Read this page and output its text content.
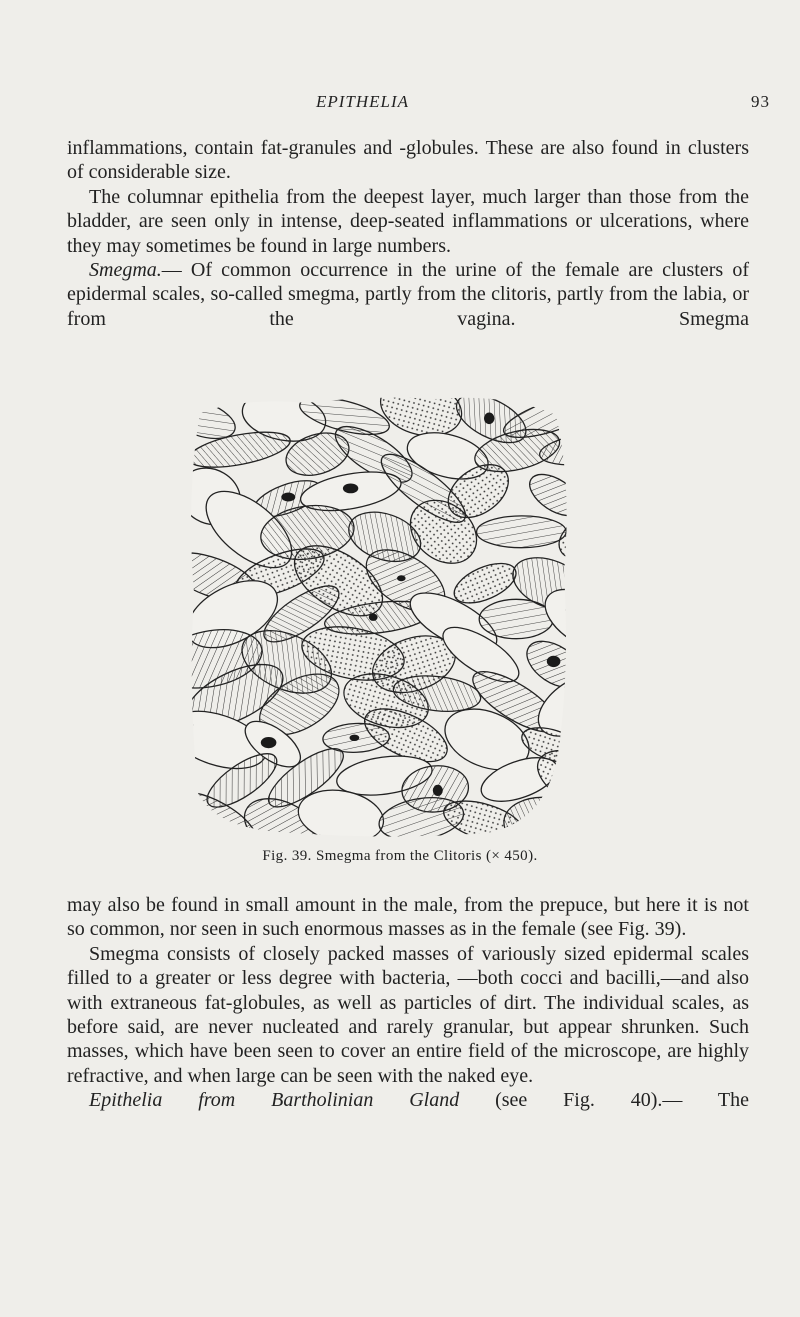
EPITHELIA	93

inflammations, contain fat-granules and -globules. These are also found in clusters of considerable size.

The columnar epithelia from the deepest layer, much larger than those from the bladder, are seen only in intense, deep-seated inflammations or ulcerations, where they may sometimes be found in large numbers.

Smegma.— Of common occurrence in the urine of the female are clusters of epidermal scales, so-called smegma, partly from the clitoris, partly from the labia, or from the vagina. Smegma

Fig. 39. Smegma from the Clitoris (× 450).

may also be found in small amount in the male, from the prepuce, but here it is not so common, nor seen in such enormous masses as in the female (see Fig. 39).

Smegma consists of closely packed masses of variously sized epidermal scales filled to a greater or less degree with bacteria, —both cocci and bacilli,—and also with extraneous fat-globules, as well as particles of dirt. The individual scales, as before said, are never nucleated and rarely granular, but appear shrunken. Such masses, which have been seen to cover an entire field of the microscope, are highly refractive, and when large can be seen with the naked eye.

Epithelia from Bartholinian Gland (see Fig. 40).— The
